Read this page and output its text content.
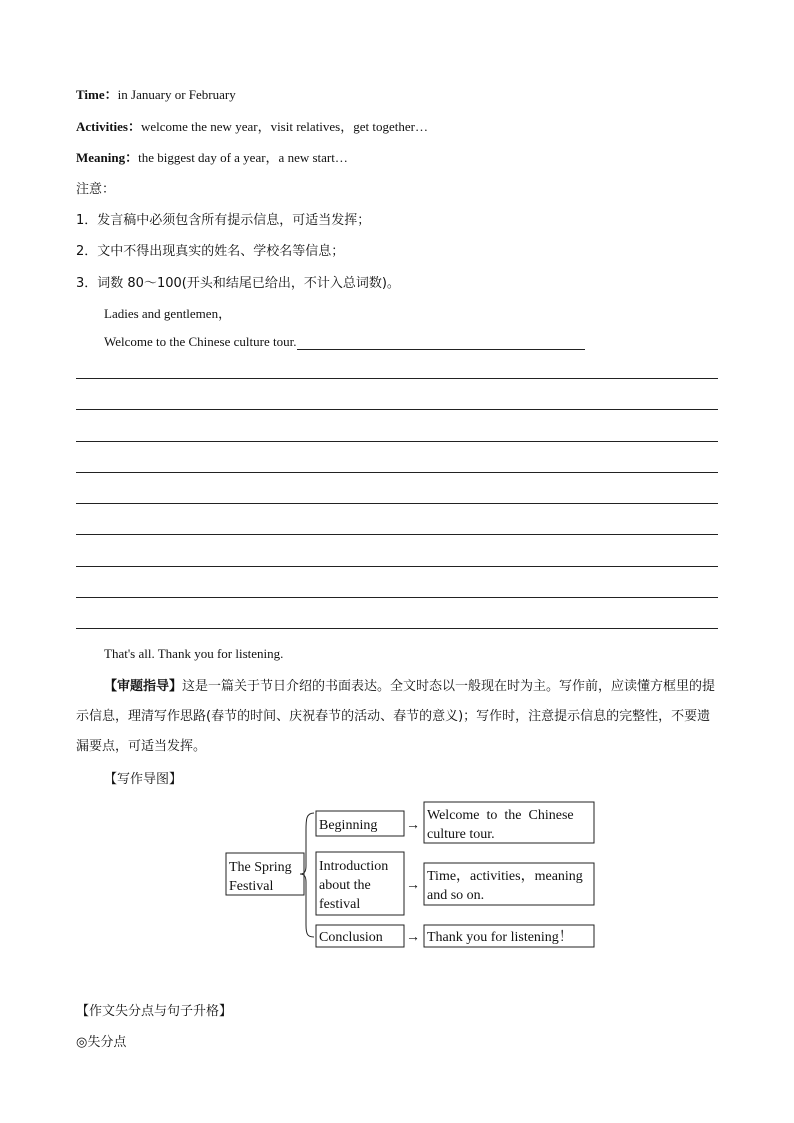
Time：in January or February
Activities：welcome the new year，visit relatives，get together…
Meaning：the biggest day of a year，a new start…
注意：
1．发言稿中必须包含所有提示信息，可适当发挥；
2．文中不得出现真实的姓名、学校名等信息；
3．词数 80～100(开头和结尾已给出，不计入总词数)。
Ladies and gentlemen，
Welcome to the Chinese culture tour.
That's all. Thank you for listening.
【审题指导】这是一篇关于节日介绍的书面表达。全文时态以一般现在时为主。写作前，应读懂方框里的提示信息，理清写作思路(春节的时间、庆祝春节的活动、春节的意义)；写作时，注意提示信息的完整性，不要遗漏要点，可适当发挥。
【写作导图】
The Spring
Festival
Beginning
Introduction
about the
festival
Conclusion
→
→
→
Welcome  to  the  Chinese
culture tour.
Time，activities，meaning
and so on.
Thank you for listening！
【作文失分点与句子升格】
◎失分点
